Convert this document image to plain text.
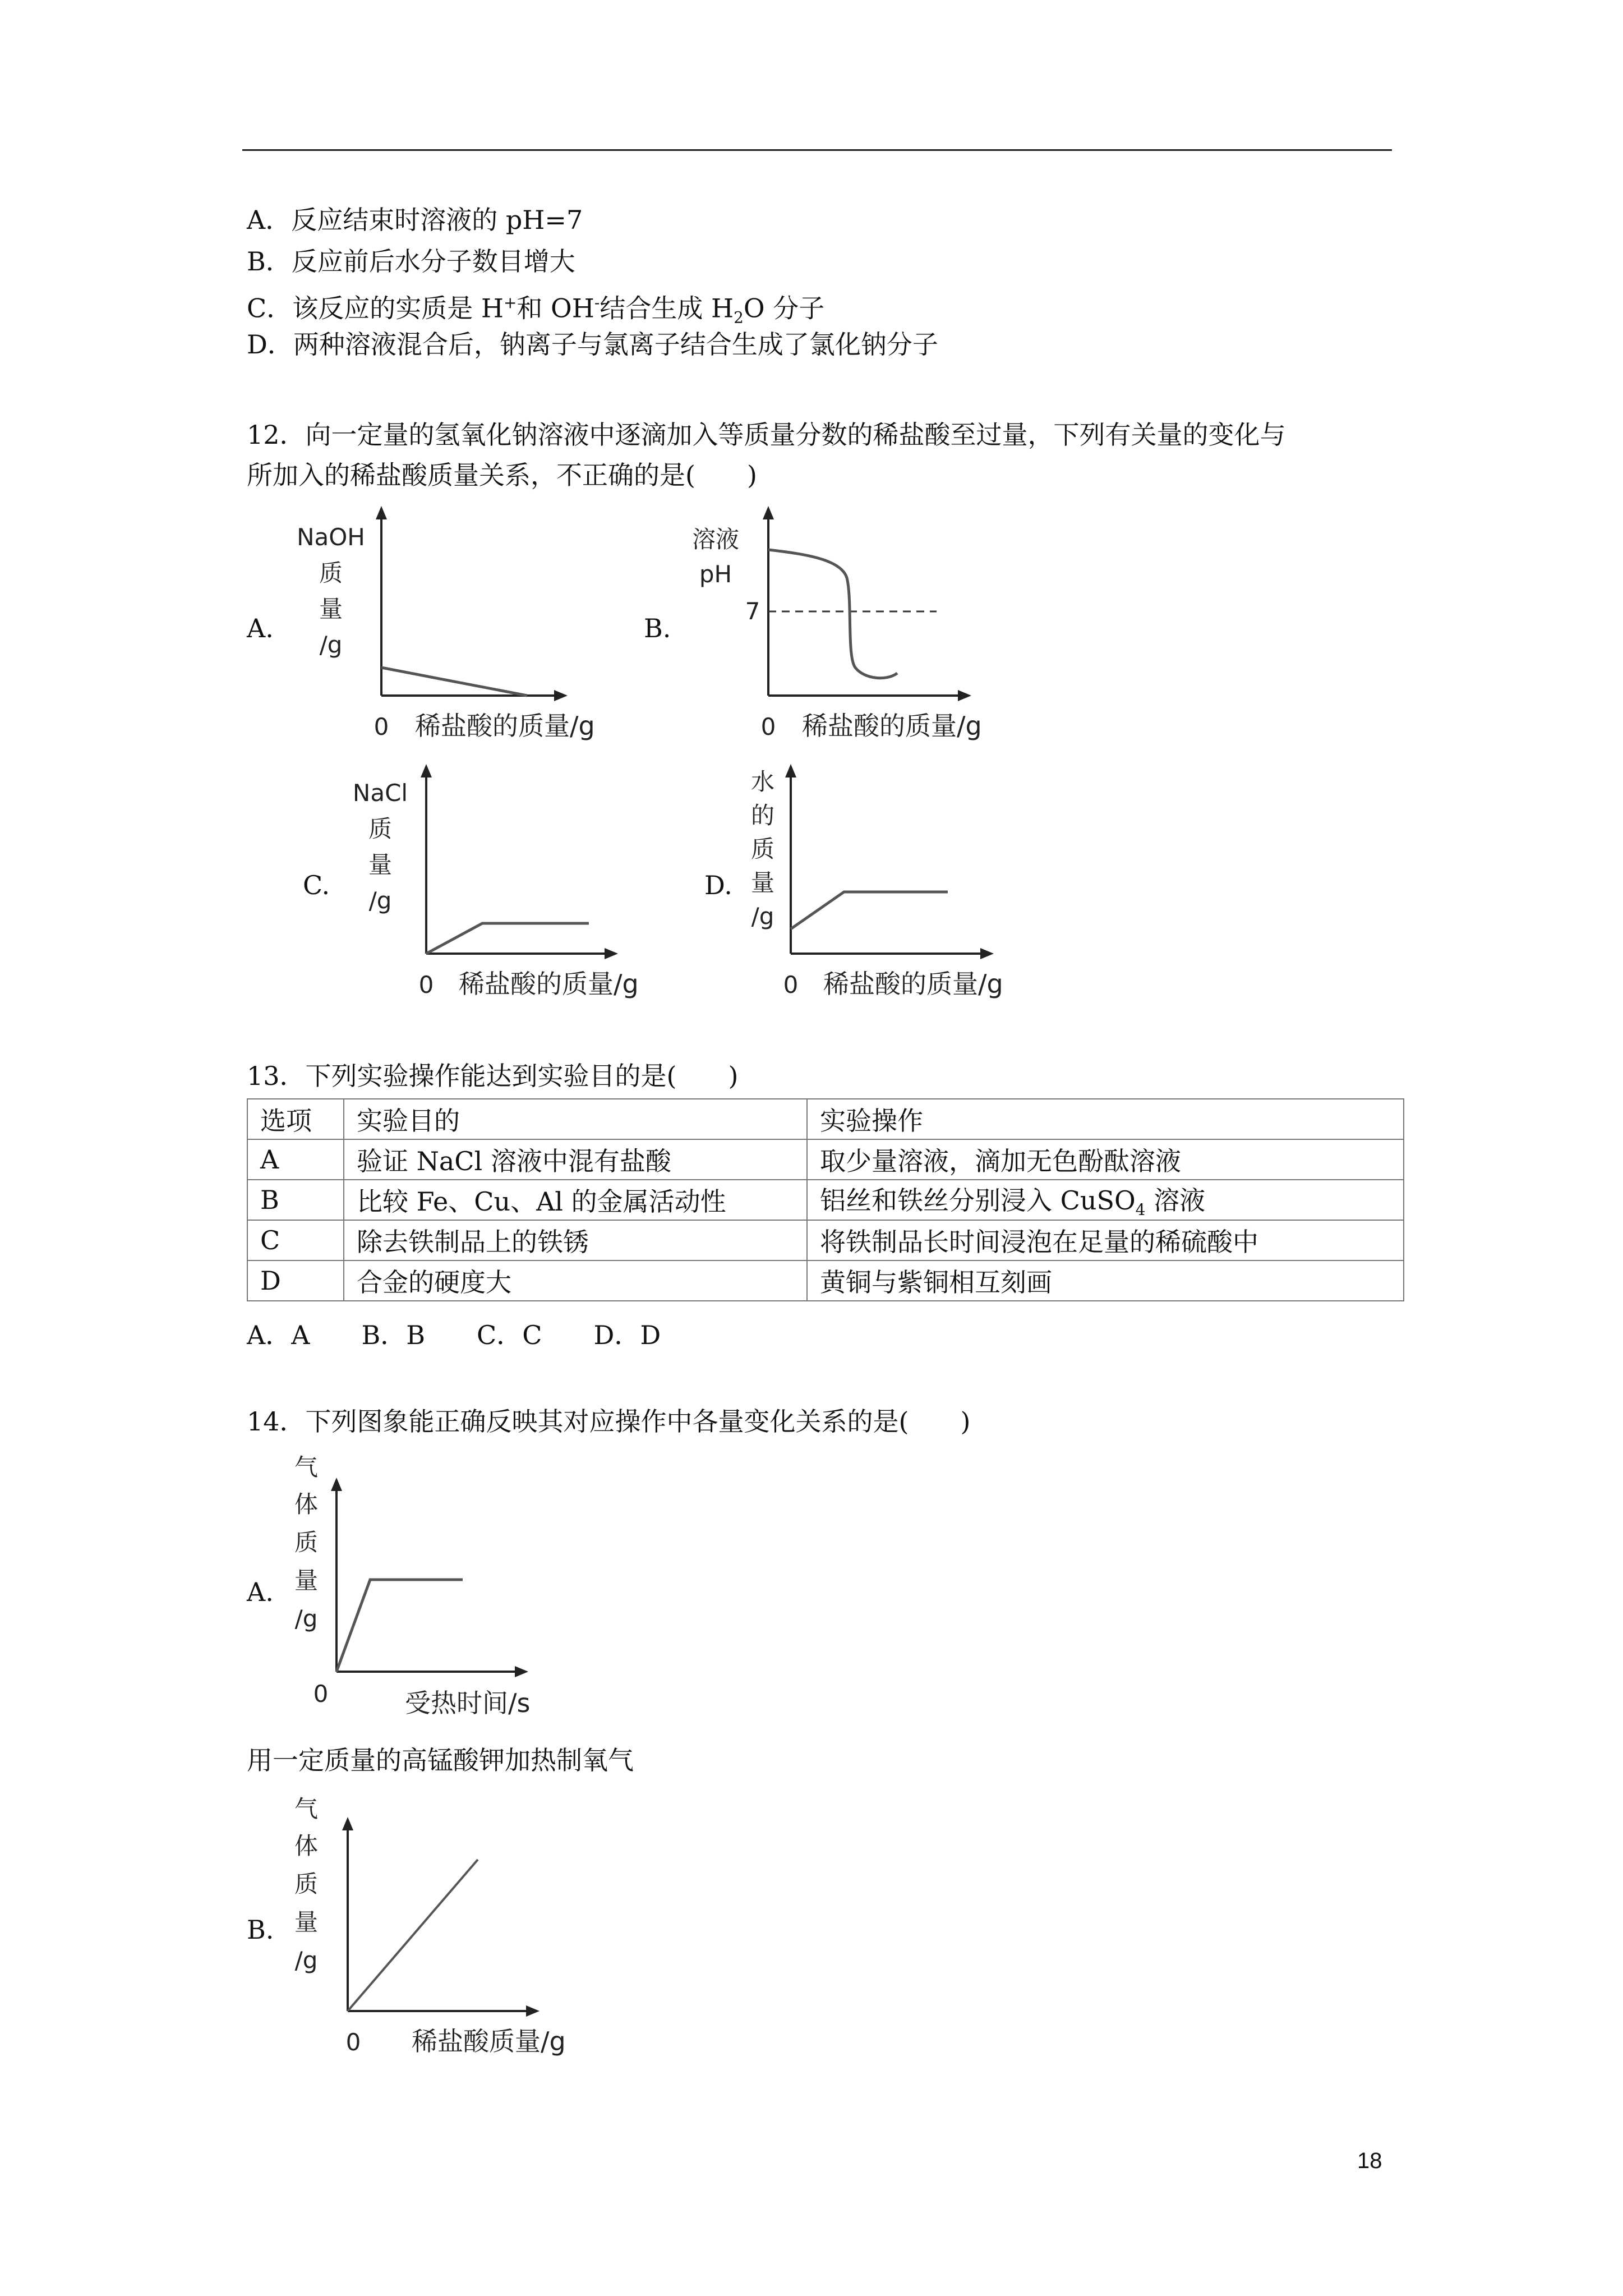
A．反应结束时溶液的 pH=7
B．反应前后水分子数目增大
C．该反应的实质是 H+和 OH-结合生成 $H_2O$ 分子
D．两种溶液混合后，钠离子与氯离子结合生成了氯化钠分子
12．向一定量的氢氧化钠溶液中逐滴加入等质量分数的稀盐酸至过量，下列有关量的变化与
所加入的稀盐酸质量关系，不正确的是(　　)
A.
NaOH
质
量
/g
0 稀盐酸的质量/g
B.
溶液
pH
7
0 稀盐酸的质量/g
C.
NaCl
质
量
/g
0 稀盐酸的质量/g
D.
水
的
质
量
/g
0 稀盐酸的质量/g
13．下列实验操作能达到实验目的是(　　)
选项	实验目的	实验操作
A	验证 NaCl 溶液中混有盐酸	取少量溶液，滴加无色酚酞溶液
B	比较 Fe、Cu、Al 的金属活动性	铝丝和铁丝分别浸入 CuSO$_4$ 溶液
C	除去铁制品上的铁锈	将铁制品长时间浸泡在足量的稀硫酸中
D	合金的硬度大	黄铜与紫铜相互刻画
A．A　　B．B　　C．C　　D．D
14．下列图象能正确反映其对应操作中各量变化关系的是(　　)
A.
气
体
质
量
/g
0	受热时间/s
用一定质量的高锰酸钾加热制氧气
B.
气
体
质
量
/g
0 稀盐酸质量/g
18
